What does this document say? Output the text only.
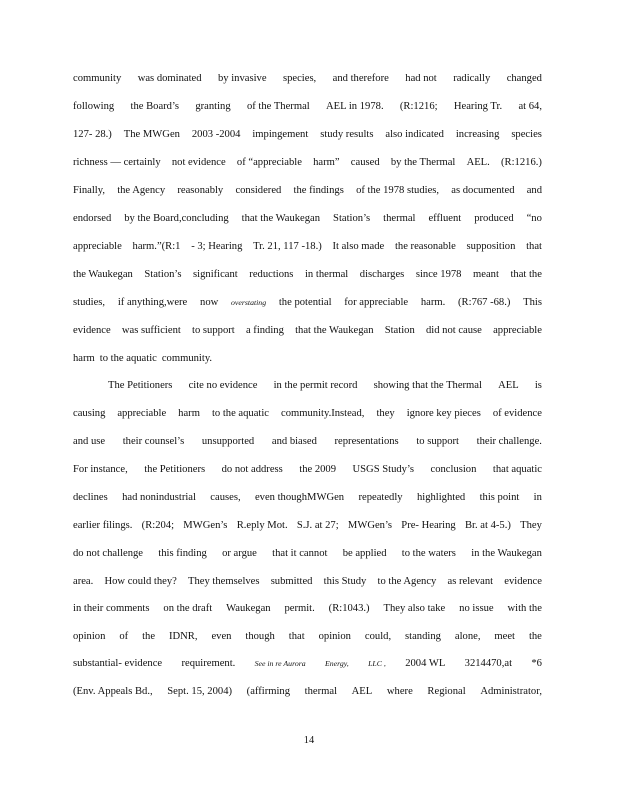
community was dominated by invasive species, and therefore had not radically changed
following the Board’s granting of the Thermal AEL in 1978. (R:1216; Hearing Tr. at 64,
127- 28.) The MWGen 2003 -2004 impingement study results also indicated increasing species
richness — certainly not evidence of “appreciable harm” caused by the Thermal AEL. (R:1216.)
Finally, the Agency reasonably considered the findings of the 1978 studies, as documented and
endorsed by the Board,concluding that the Waukegan Station’s thermal effluent produced “no
appreciable harm.”(R:1 - 3; Hearing Tr. 21, 117 -18.) It also made the reasonable supposition that
the Waukegan Station’s significant reductions in thermal discharges since 1978 meant that the
studies, if anything,were now overstating the potential for appreciable harm. (R:767 -68.) This
evidence was sufficient to support a finding that the Waukegan Station did not cause appreciable
harm to the aquatic community.
The Petitioners cite no evidence in the permit record showing that the Thermal AEL is
causing appreciable harm to the aquatic community.Instead, they ignore key pieces of evidence
and use their counsel’s unsupported and biased representations to support their challenge.
For instance, the Petitioners do not address the 2009 USGS Study’s conclusion that aquatic
declines had nonindustrial causes, even thoughMWGen repeatedly highlighted this point in
earlier filings. (R:204; MWGen’s R.eply Mot. S.J. at 27; MWGen’s Pre- Hearing Br. at 4-5.) They
do not challenge this finding or argue that it cannot be applied to the waters in the Waukegan
area. How could they? They themselves submitted this Study to the Agency as relevant evidence
in their comments on the draft Waukegan permit. (R:1043.) They also take no issue with the
opinion of the IDNR, even though that opinion could, standing alone, meet the
substantial- evidence requirement. See in re Aurora Energy, LLC , 2004 WL 3214470,at *6
(Env. Appeals Bd., Sept. 15, 2004) (affirming thermal AEL where Regional Administrator,
14
